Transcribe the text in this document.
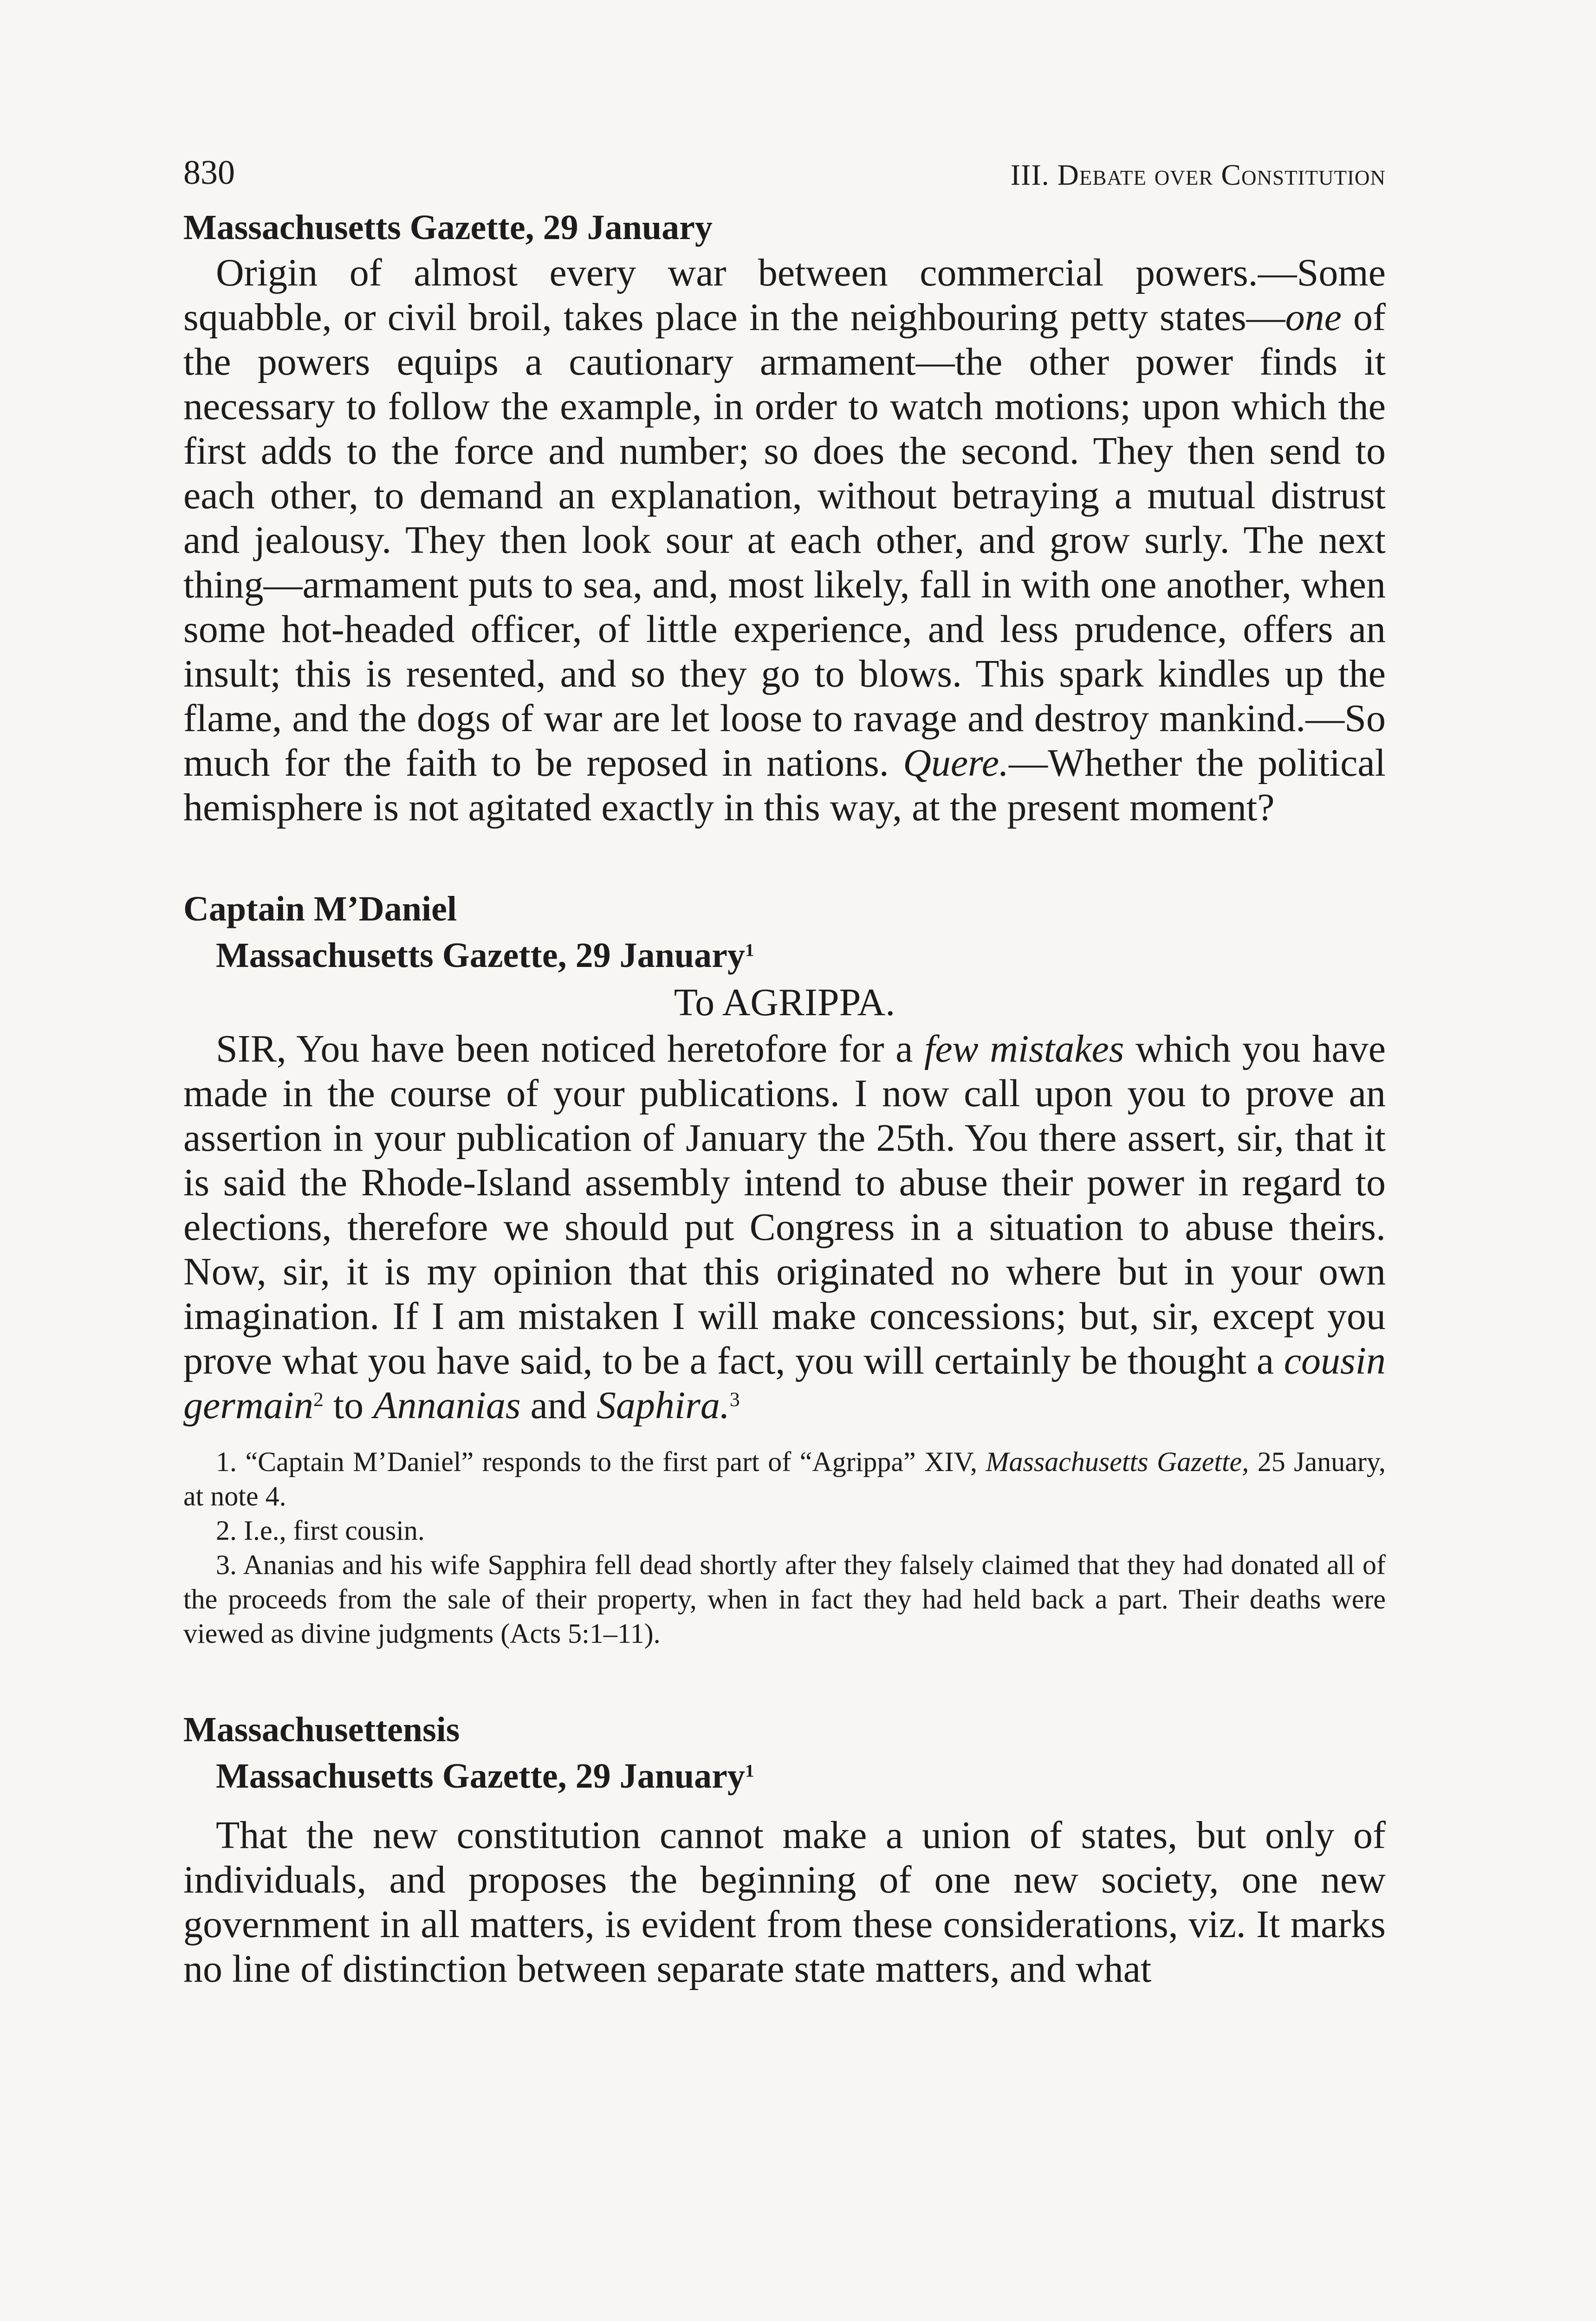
830	III. Debate over Constitution

Massachusetts Gazette, 29 January

Origin of almost every war between commercial powers.—Some squabble, or civil broil, takes place in the neighbouring petty states—one of the powers equips a cautionary armament—the other power finds it necessary to follow the example, in order to watch motions; upon which the first adds to the force and number; so does the second. They then send to each other, to demand an explanation, without betraying a mutual distrust and jealousy. They then look sour at each other, and grow surly. The next thing—armament puts to sea, and, most likely, fall in with one another, when some hot-headed officer, of little experience, and less prudence, offers an insult; this is resented, and so they go to blows. This spark kindles up the flame, and the dogs of war are let loose to ravage and destroy mankind.—So much for the faith to be reposed in nations. Quere.—Whether the political hemisphere is not agitated exactly in this way, at the present moment?

Captain M’Daniel

Massachusetts Gazette, 29 January$^1$

To AGRIPPA.

SIR, You have been noticed heretofore for a few mistakes which you have made in the course of your publications. I now call upon you to prove an assertion in your publication of January the 25th. You there assert, sir, that it is said the Rhode-Island assembly intend to abuse their power in regard to elections, therefore we should put Congress in a situation to abuse theirs. Now, sir, it is my opinion that this originated no where but in your own imagination. If I am mistaken I will make concessions; but, sir, except you prove what you have said, to be a fact, you will certainly be thought a cousin germain$^2$ to Annanias and Saphira.$^3$

1. “Captain M’Daniel” responds to the first part of “Agrippa” XIV, Massachusetts Gazette, 25 January, at note 4.

2. I.e., first cousin.

3. Ananias and his wife Sapphira fell dead shortly after they falsely claimed that they had donated all of the proceeds from the sale of their property, when in fact they had held back a part. Their deaths were viewed as divine judgments (Acts 5:1–11).

Massachusettensis

Massachusetts Gazette, 29 January$^1$

That the new constitution cannot make a union of states, but only of individuals, and proposes the beginning of one new society, one new government in all matters, is evident from these considerations, viz. It marks no line of distinction between separate state matters, and what
